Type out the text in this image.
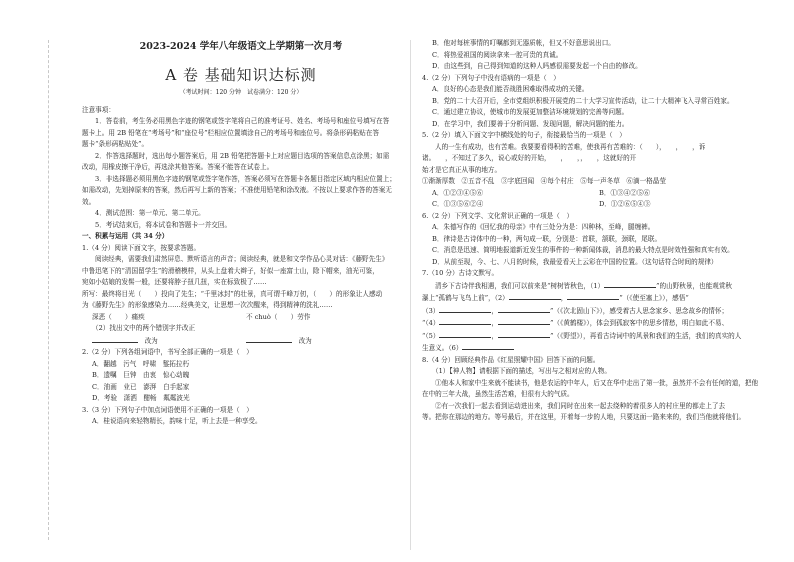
2023-2024 学年八年级语文上学期第一次月考
A 卷 基础知识达标测
（考试时间：120 分钟　试卷满分：120 分）
注意事项：
1．答卷前，考生务必用黑色字迹的钢笔或签字笔将自己的准考证号、姓名、考场号和座位号填写在答
题卡上。用 2B 铅笔在“考场号”和“座位号”栏相应位置填涂自己的考场号和座位号。将条形码粘贴在答
题卡“条形码粘贴处”。
2．作答选择题时，选出每小题答案后，用 2B 铅笔把答题卡上对应题目选项的答案信息点涂黑；如需
改动，用橡皮擦干净后，再选涂其他答案。答案不能答在试卷上。
3．非选择题必须用黑色字迹的钢笔或签字笔作答，答案必须写在答题卡各题目指定区域内相应位置上；
如需改动，先划掉原来的答案，然后再写上新的答案；不准使用铅笔和涂改液。不按以上要求作答的答案无
效。
4．测试范围：第一单元、第二单元。
5．考试结束后，将本试卷和答题卡一并交回。
一、积累与运用（共 34 分）
1.（4 分）阅读下面文字，按要求答题。
阅读经典，需要我们肃然屏息、默听语言的声音；阅读经典，就是和文学作品心灵对话：《藤野先生》
中鲁迅笔下的“清国留学生”的滑稽模样，从头上盘着大辫子，好似一座富士山，除下帽来，油光可鉴，
宛如小姑娘的发髻一般，还要将脖子扭几扭，实在标致极了……
所写：最终将目光（　　）投向了先生；“千里冰封”的壮景，真可谓千峰万仞，（　　）的形象让人感动
为《藤野先生》的形象感染力……经典美文，让思想一次次醒来，得到精神的洗礼……
深恶（　　）痛疾	不 chuò（　　）劳作
（2）找出文中的两个错别字并改正
　改为	　改为
2.（2 分）下列各组词语中，书写全部正确的一项是（　）
A．翻越　污气　呼啸　錾拓拉朽
B．遗嘱　巨钟　由衷　惊心动魄
C．油画　业已　澎湃　白手起家
D．考验　潇洒　酣畅　粼粼波光
3.（3 分）下列句子中加点词语使用不正确的一项是（　）
A．桂说语向来轻物精长，韵味十足，听上去是一种享受。
B．他对每桩事情的叮嘱都到无器质帐，但又不好意思说出口。
C．将热爱祖国的阅读拿来一腔可贵的真诚。
D．由这些到，自己得到知道的这种人吗感很需要发起一个自由的修改。
4.（2 分）下列句子中没有语病的一项是（　）
A．良好的心态是我们能否战胜困难取得成功的关键。
B．党的二十大召开后，全市党组织积极开展党的二十大学习宣传活动，让二十大精神飞入寻常百姓家。
C．通过建立协议，使城市的发展更加整洁环境规划的完善等问题。
D．在学习中，我们要善于分析问题、发现问题，解决问题的能力。
5.（2 分）填入下面文字中横线处的句子，衔接最恰当的一项是（　）
人的一生有成功，也有苦难。我要要看得积的苦难，使我再有苦难的：（　　），　　，　　，诉
诸。　　，不知过了多久，说心或好的开始，　　，　　，，　　，这就好的开
始才是它真正从事的地方。
①渐渐厚数　②五音不乱　③字底回闻　④每个村庄　⑤每一声冬草　⑥滴一格晶莹
A．①②③④⑤⑥	B．①③④②⑤⑥
C．①③⑤⑥②④	D．①②⑥⑤④③
6.（2 分）下列文学、文化常识正确的一项是（　）
A．朱德写作的《回忆我的母亲》中有三处分为是：四种林，至峰，腿缠裤。
B．律诗是古诗体中的一种，两句成一联，分别是：首联，颔联，颈联，尾联。
C．消息是迅速、简明地报道新近发生的事件的一种新闻体裁，消息的最大特点是时效性强和真实有效。
D．从前至现，今、七、八月的时候，我最爱看天上云彩在中国的位置。（这句话符合时间的规律）
7.（10 分）古诗文默写。
清乡下古诗伴我相遇，我们可以前来是“树树皆秋色，（1）	”的山野秋景，也能观赏秋
瀑上“孤鹤与飞鸟上前”，（2）	，	”（《使至塞上》），感悟“
（3）	，	”（《次北固山下》），感受着古人思念家乡、思念故乡的情怀；
“（4）	，	”（《黄鹤楼》），体会到孤寂客中的思乡情愁，明白如此不易、
“（5）	，	”（《野望》），再看古诗词中的风景和我们的生活，我们的真实的人
生意义。（6）
8.（4 分）回顾经典作品《红星照耀中国》回答下面的问题。
（1）【神人物】请根据下面的描述，写出与之相对应的人物。
①他本人和家中生来就不能读书，他是农运的中年人，后又在华中走出了第一批，虽然并不会有任何的道，把他
在中的三年大战，虽然生活苦难，但很有大的气质。
②有一次我们一起去看到运动进出来，我们同时在出来一起去绕种的着很多人的村庄里的都走上了去
等。把你在那边的地方。等号最后，并在这里，开着每一步的人地，只要这面一路来来的，我们当他就将他们。
